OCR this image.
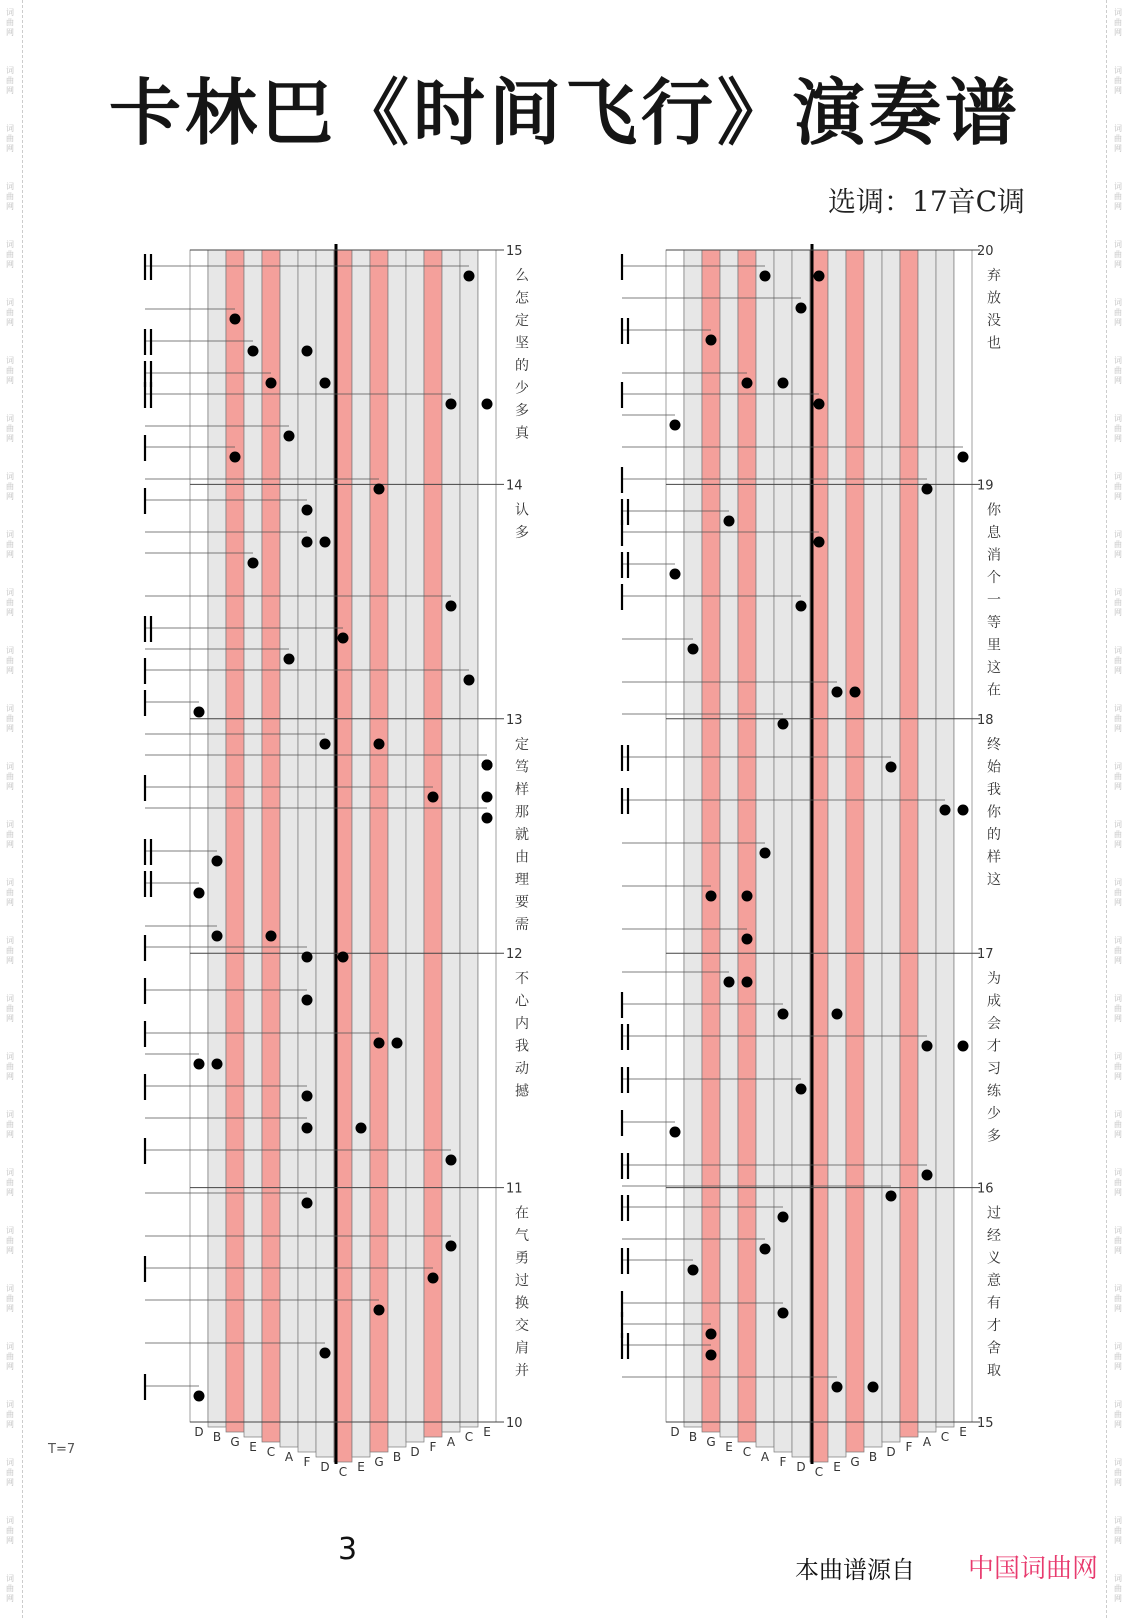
词曲网
词曲网
词曲网
词曲网
词曲网
词曲网
词曲网
词曲网
词曲网
词曲网
词曲网
词曲网
词曲网
词曲网
词曲网
词曲网
词曲网
词曲网
词曲网
词曲网
词曲网
词曲网
词曲网
词曲网
词曲网
词曲网
词曲网
词曲网
词曲网
词曲网
词曲网
词曲网
词曲网
词曲网
词曲网
词曲网
词曲网
词曲网
词曲网
词曲网
词曲网
词曲网
词曲网
词曲网
词曲网
词曲网
词曲网
词曲网
词曲网
词曲网
词曲网
词曲网
词曲网
词曲网
词曲网
词曲网
卡林巴《时间飞行》演奏谱
选调：17音C调
D B G E C A F D C E G B D F A C E
15
么
怎
定
坚
的
少
多
真
14
认
多
13
定
笃
样
那
就
由
理
要
需
12
不
心
内
我
动
撼
11
在
气
勇
过
换
交
肩
并
10
D B G E C A F D C E G B D F A C E
20
弃
放
没
也
19
你
息
消
个
一
等
里
这
在
18
终
始
我
你
的
样
这
17
为
成
会
才
习
练
少
多
16
过
经
义
意
有
才
舍
取
15
T=7
3
本曲谱源自 中国词曲网
